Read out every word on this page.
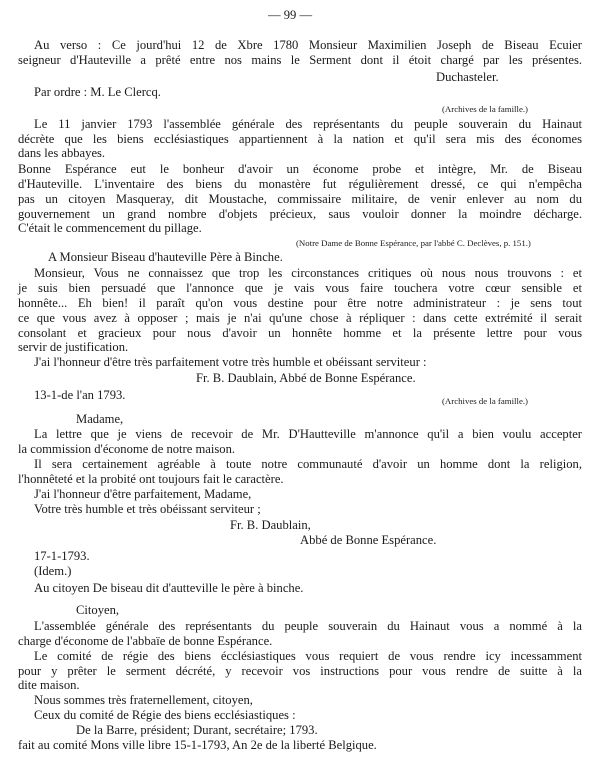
— 99 —
Au verso : Ce jourd'hui 12 de Xbre 1780 Monsieur Maximilien Joseph de Biseau Ecuier
seigneur d'Hauteville a prêté entre nos mains le Serment dont il étoit chargé par les présentes.
Duchasteler.
Par ordre : M. Le Clercq.
(Archives de la famille.)
Le 11 janvier 1793 l'assemblée générale des représentants du peuple souverain du Hainaut
décrète que les biens ecclésiastiques appartiennent à la nation et qu'il sera mis des économes
dans les abbayes.
Bonne Espérance eut le bonheur d'avoir un économe probe et intègre, Mr. de Biseau
d'Hauteville. L'inventaire des biens du monastère fut régulièrement dressé, ce qui n'empêcha
pas un citoyen Masqueray, dit Moustache, commissaire militaire, de venir enlever au nom du
gouvernement un grand nombre d'objets précieux, saus vouloir donner la moindre décharge.
C'était le commencement du pillage.
(Notre Dame de Bonne Espérance, par l'abbé C. Declèves, p. 151.)
A Monsieur Biseau d'hauteville Père à Binche.
Monsieur, Vous ne connaissez que trop les circonstances critiques où nous nous trouvons : et
je suis bien persuadé que l'annonce que je vais vous faire touchera votre cœur sensible et
honnête... Eh bien! il paraît qu'on vous destine pour être notre administrateur : je sens tout
ce que vous avez à opposer ; mais je n'ai qu'une chose à répliquer : dans cette extrémité il serait
consolant et gracieux pour nous d'avoir un honnête homme et la présente lettre pour vous
servir de justification.
J'ai l'honneur d'être très parfaitement votre très humble et obéissant serviteur :
Fr. B. Daublain, Abbé de Bonne Espérance.
13-1-de l'an 1793.	(Archives de la famille.)
Madame,
La lettre que je viens de recevoir de Mr. D'Hautteville m'annonce qu'il a bien voulu accepter
la commission d'économe de notre maison.
Il sera certainement agréable à toute notre communauté d'avoir un homme dont la religion,
l'honnêteté et la probité ont toujours fait le caractère.
J'ai l'honneur d'être parfaitement, Madame,
Votre très humble et très obéissant serviteur ;
Fr. B. Daublain,
Abbé de Bonne Espérance.
17-1-1793.
(Idem.)
Au citoyen De biseau dit d'autteville le père à binche.
Citoyen,
L'assemblée générale des représentants du peuple souverain du Hainaut vous a nommé à la
charge d'économe de l'abbaïe de bonne Espérance.
Le comité de régie des biens écclésiastiques vous requiert de vous rendre icy incessamment
pour y prêter le serment décrété, y recevoir vos instructions pour vous rendre de suitte à la
dite maison.
Nous sommes très fraternellement, citoyen,
Ceux du comité de Régie des biens ecclésiastiques :
De la Barre, président; Durant, secrétaire; 1793.
fait au comité Mons ville libre 15-1-1793, An 2e de la liberté Belgique.
